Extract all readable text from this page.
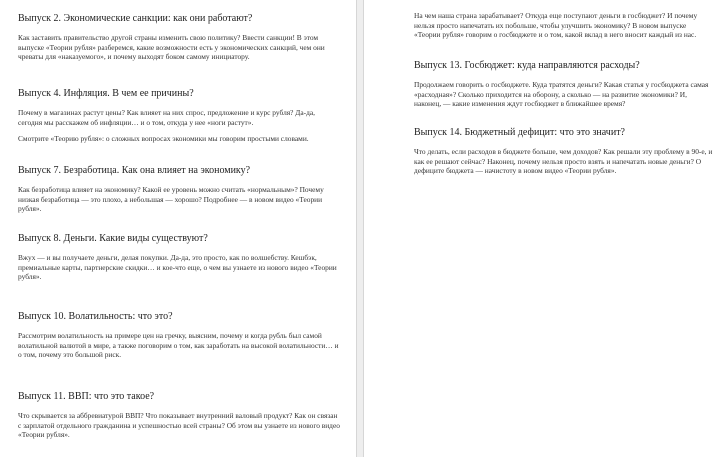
Выпуск 2. Экономические санкции: как они работают?

Как заставить правительство другой страны изменить свою политику? Ввести санкции! В этом выпуске «Теории рубля» разберемся, какие возможности есть у экономических санкций, чем они чреваты для «наказуемого», и почему выходят боком самому инициатору.

Выпуск 4. Инфляция. В чем ее причины?

Почему в магазинах растут цены? Как влияет на них спрос, предложение и курс рубля? Да-да, сегодня мы расскажем об инфляции… и о том, откуда у нее «ноги растут».

Смотрите «Теорию рубля»: о сложных вопросах экономики мы говорим простыми словами.

Выпуск 7. Безработица. Как она влияет на экономику?

Как безработица влияет на экономику? Какой ее уровень можно считать «нормальным»? Почему низкая безработица — это плохо, а небольшая — хорошо? Подробнее — в новом видео «Теории рубля».

Выпуск 8. Деньги. Какие виды существуют?

Вжух — и вы получаете деньги, делая покупки. Да-да, это просто, как по волшебству. Кешбэк, премиальные карты, партнерские скидки… и кое-что еще, о чем вы узнаете из нового видео «Теории рубля».

Выпуск 10. Волатильность: что это?

Рассмотрим волатильность на примере цен на гречку, выясним, почему и когда рубль был самой волатильной валютой в мире, а также поговорим о том, как заработать на высокой волатильности… и о том, почему это большой риск.

Выпуск 11. ВВП: что это такое?

Что скрывается за аббревиатурой ВВП? Что показывает внутренний валовый продукт? Как он связан с зарплатой отдельного гражданина и успешностью всей страны? Об этом вы узнаете из нового видео «Теории рубля».

На чем наша страна зарабатывает? Откуда еще поступают деньги в госбюджет? И почему нельзя просто напечатать их побольше, чтобы улучшить экономику? В новом выпуске «Теории рубля» говорим о госбюджете и о том, какой вклад в него вносит каждый из нас.

Выпуск 13. Госбюджет: куда направляются расходы?

Продолжаем говорить о госбюджете. Куда тратятся деньги? Какая статья у госбюджета самая «расходная»? Сколько приходится на оборону, а сколько — на развитие экономики? И, наконец, — какие изменения ждут госбюджет в ближайшее время?

Выпуск 14. Бюджетный дефицит: что это значит?

Что делать, если расходов в бюджете больше, чем доходов? Как решали эту проблему в 90-е, и как ее решают сейчас? Наконец, почему нельзя просто взять и напечатать новые деньги? О дефиците бюджета — начистоту в новом видео «Теории рубля».
